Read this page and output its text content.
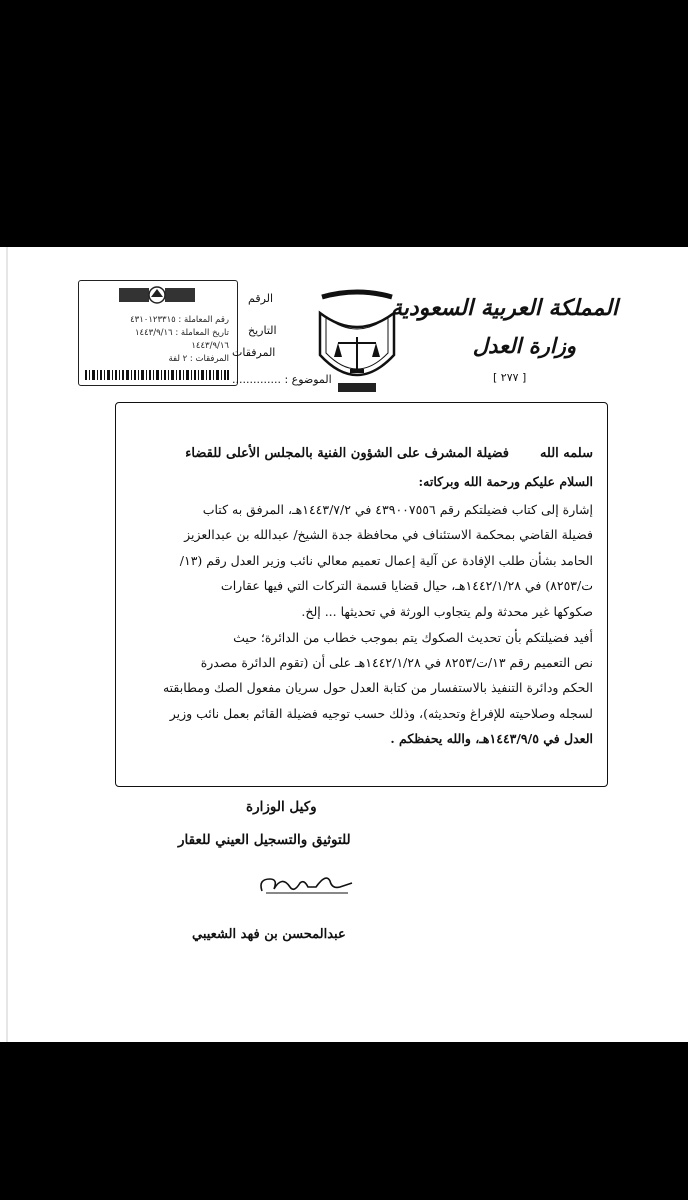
رقم المعاملة : ٤٣١٠١٢٣٣١٥
تاريخ المعاملة : ١٤٤٣/٩/١٦
١٤٤٣/٩/١٦
المرفقات : ٢ لفة
الرقم
التاريخ
المرفقات
الموضوع : ..............
المملكة العربية السعودية
وزارة العدل
[ ٢٧٧ ]
فضيلة المشرف على الشؤون الفنية بالمجلس الأعلى للقضاء سلمه الله
السلام عليكم ورحمة الله وبركاته:
إشارة إلى كتاب فضيلتكم رقم ٤٣٩٠٠٧٥٥٦ في ١٤٤٣/٧/٢هـ، المرفق به كتاب
فضيلة القاضي بمحكمة الاستئناف في محافظة جدة الشيخ/ عبدالله بن عبدالعزيز
الحامد بشأن طلب الإفادة عن آلية إعمال تعميم معالي نائب وزير العدل رقم (١٣/
ت/٨٢٥٣) في ١٤٤٢/١/٢٨هـ، حيال قضايا قسمة التركات التي فيها عقارات
صكوكها غير محدثة ولم يتجاوب الورثة في تحديثها ... إلخ.
أفيد فضيلتكم بأن تحديث الصكوك يتم بموجب خطاب من الدائرة؛ حيث
نص التعميم رقم ١٣/ت/٨٢٥٣ في ١٤٤٢/١/٢٨هـ على أن (تقوم الدائرة مصدرة
الحكم ودائرة التنفيذ بالاستفسار من كتابة العدل حول سريان مفعول الصك ومطابقته
لسجله وصلاحيته للإفراغ وتحديثه)، وذلك حسب توجيه فضيلة القائم بعمل نائب وزير
العدل في ١٤٤٣/٩/٥هـ، والله يحفظكم .
وكيل الوزارة
للتوثيق والتسجيل العيني للعقار
عبدالمحسن بن فهد الشعيبي
